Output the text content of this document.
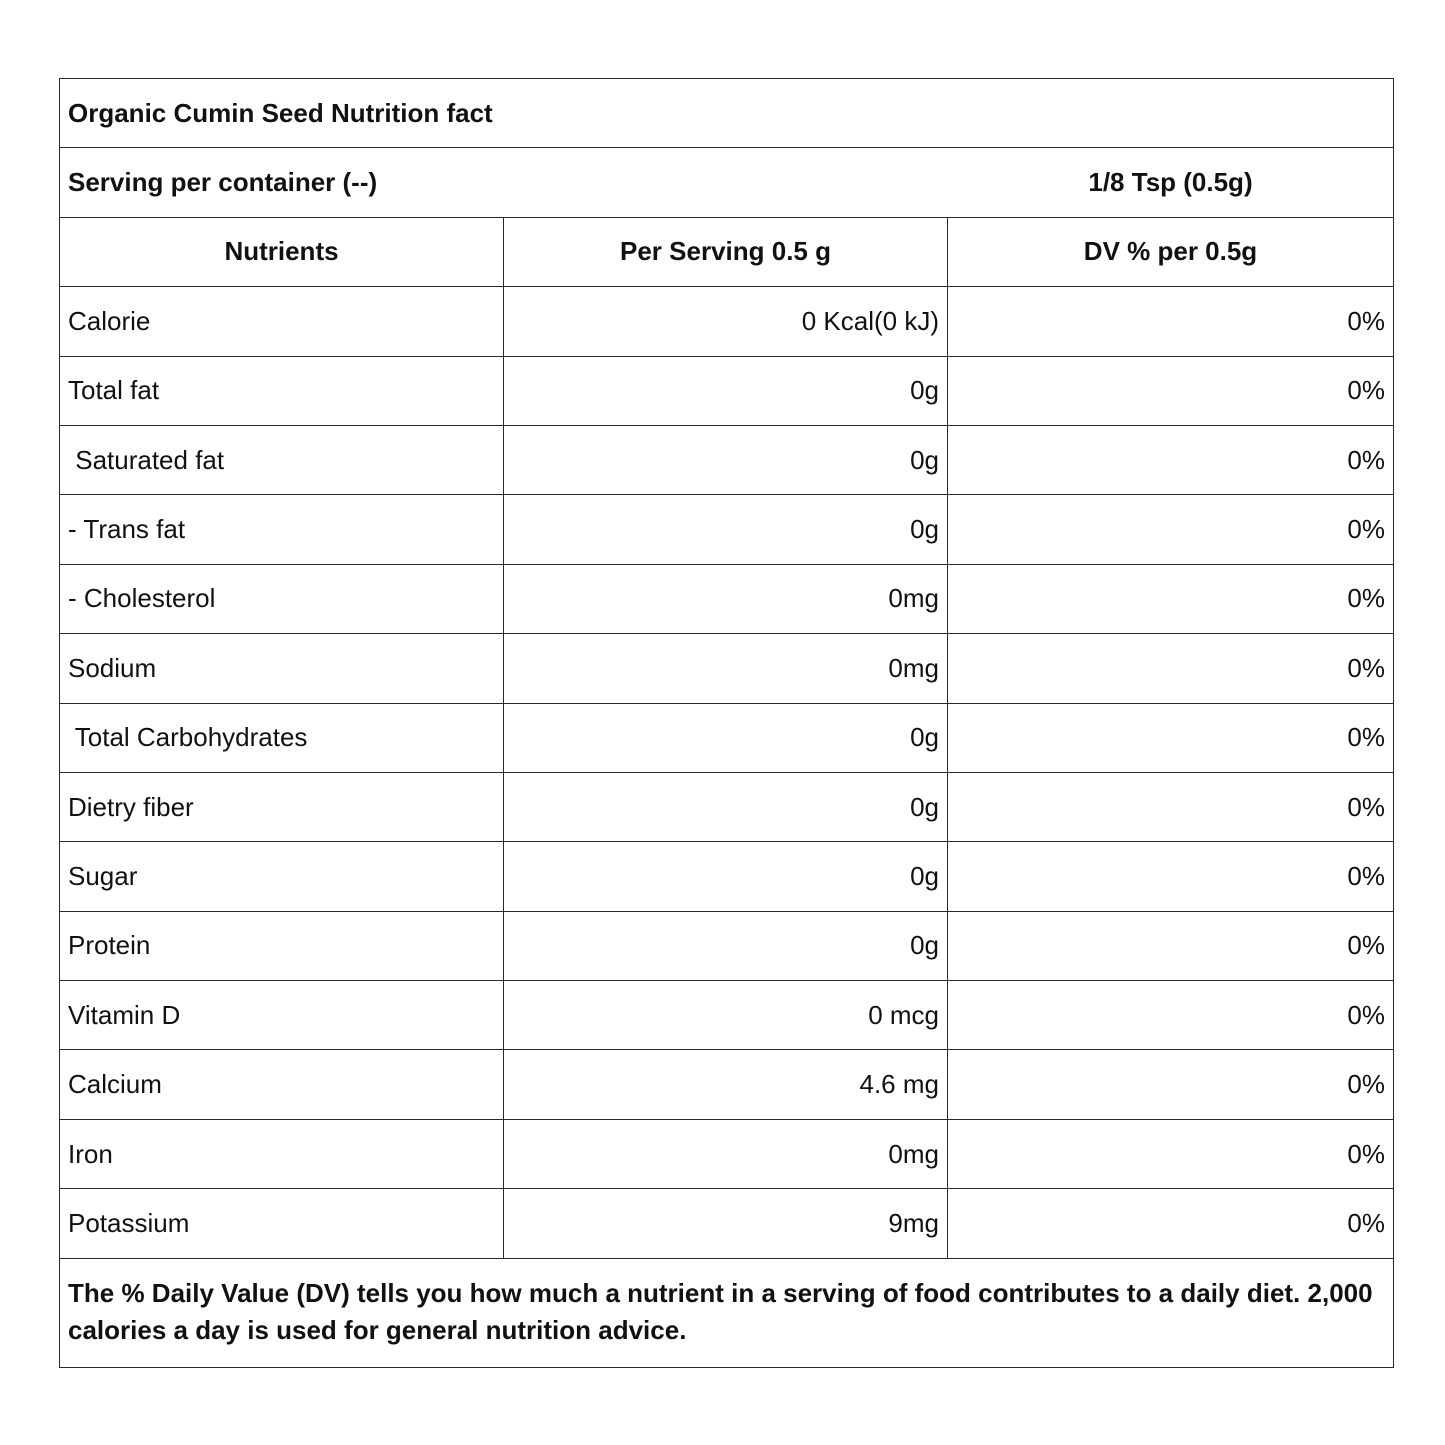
Organic Cumin Seed Nutrition fact
Serving per container (--)	1/8 Tsp (0.5g)
Nutrients	Per Serving 0.5 g	DV % per 0.5g
Calorie	0 Kcal(0 kJ)	0%
Total fat	0g	0%
Saturated fat	0g	0%
- Trans fat	0g	0%
- Cholesterol	0mg	0%
Sodium	0mg	0%
Total Carbohydrates	0g	0%
Dietry fiber	0g	0%
Sugar	0g	0%
Protein	0g	0%
Vitamin D	0 mcg	0%
Calcium	4.6 mg	0%
Iron	0mg	0%
Potassium	9mg	0%
The % Daily Value (DV) tells you how much a nutrient in a serving of food contributes to a daily diet. 2,000 calories a day is used for general nutrition advice.
